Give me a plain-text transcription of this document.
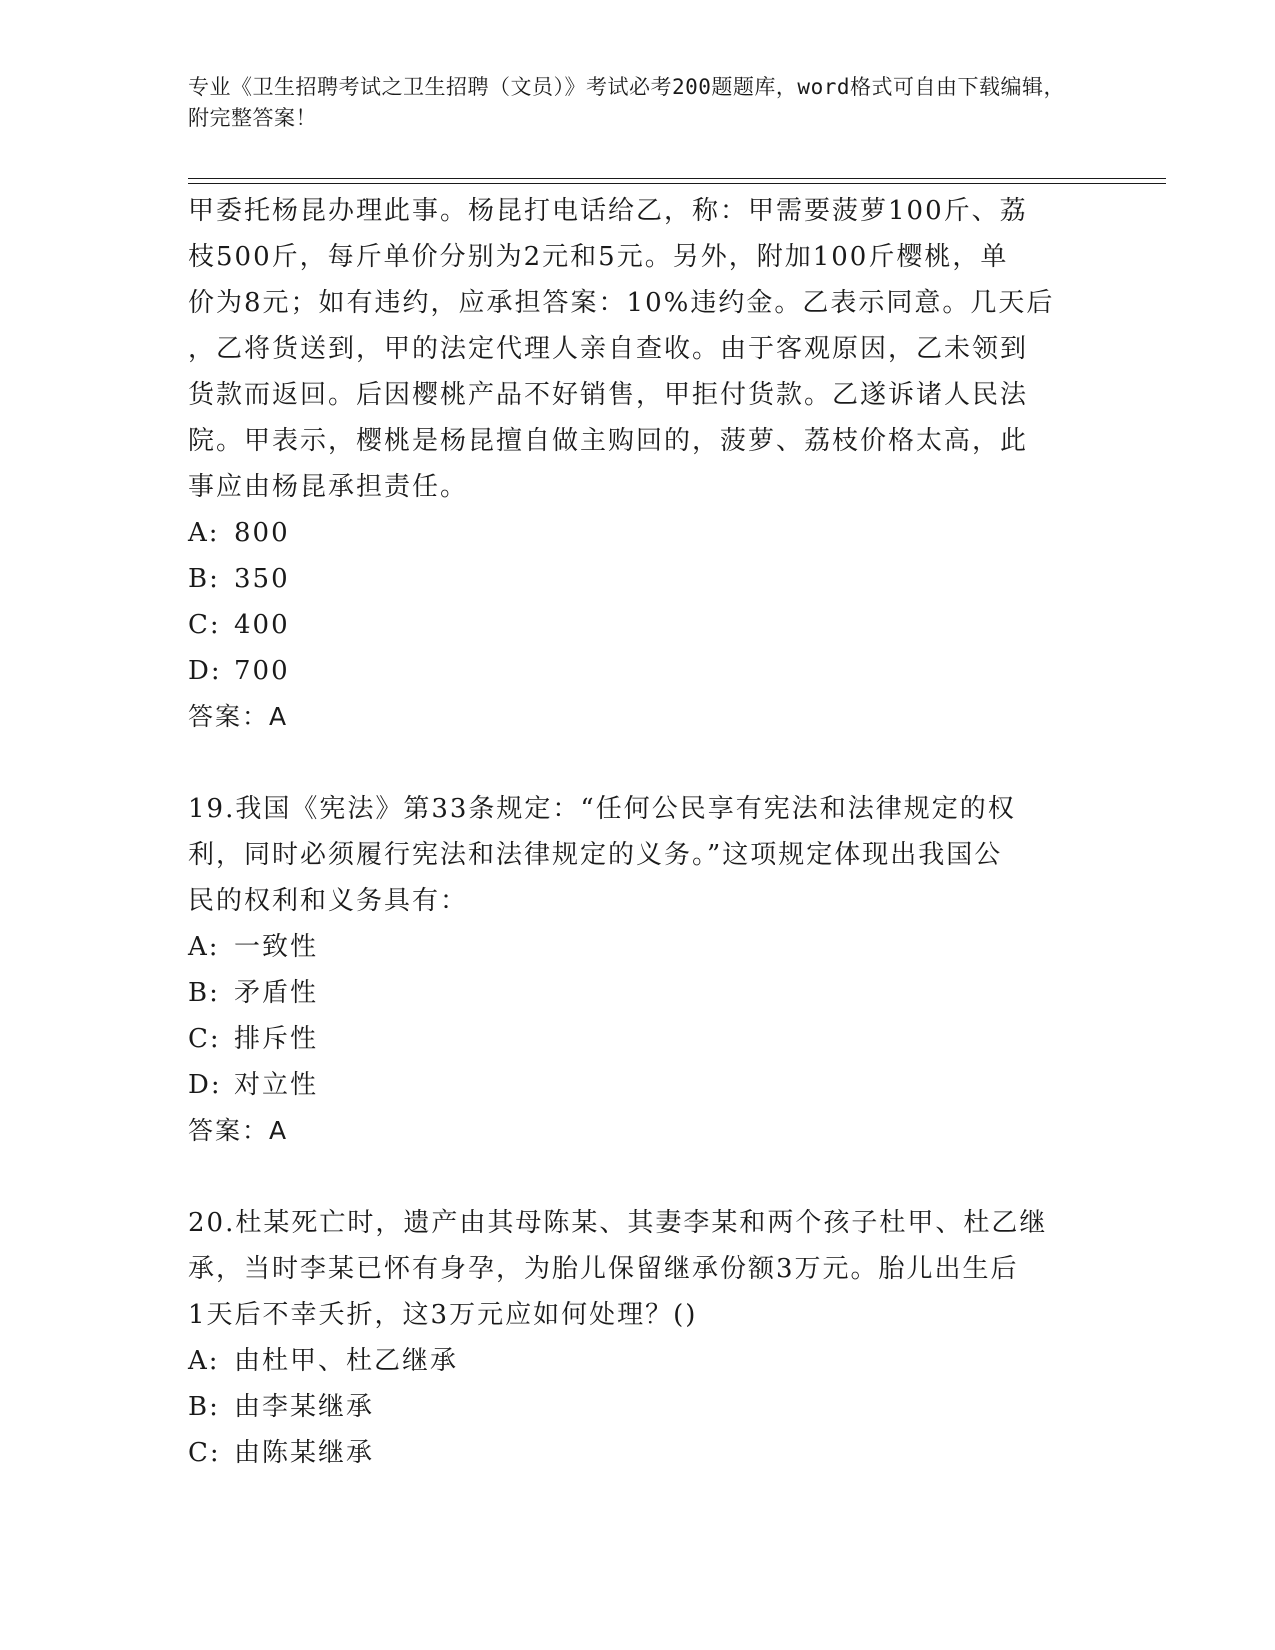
专业《卫生招聘考试之卫生招聘（文员）》考试必考200题题库，word格式可自由下载编辑，附完整答案！

甲委托杨昆办理此事。杨昆打电话给乙，称：甲需要菠萝100斤、荔
枝500斤，每斤单价分别为2元和5元。另外，附加100斤樱桃，单
价为8元；如有违约，应承担答案：10%违约金。乙表示同意。几天后
，乙将货送到，甲的法定代理人亲自查收。由于客观原因，乙未领到
货款而返回。后因樱桃产品不好销售，甲拒付货款。乙遂诉诸人民法
院。甲表示，樱桃是杨昆擅自做主购回的，菠萝、荔枝价格太高，此
事应由杨昆承担责任。

A: 800

B: 350

C: 400

D: 700

答案：A

19.我国《宪法》第33条规定：“任何公民享有宪法和法律规定的权
利，同时必须履行宪法和法律规定的义务。”这项规定体现出我国公
民的权利和义务具有：

A: 一致性

B: 矛盾性

C: 排斥性

D: 对立性

答案：A

20.杜某死亡时，遗产由其母陈某、其妻李某和两个孩子杜甲、杜乙继
承，当时李某已怀有身孕，为胎儿保留继承份额3万元。胎儿出生后
1天后不幸夭折，这3万元应如何处理？()

A: 由杜甲、杜乙继承

B: 由李某继承

C: 由陈某继承
